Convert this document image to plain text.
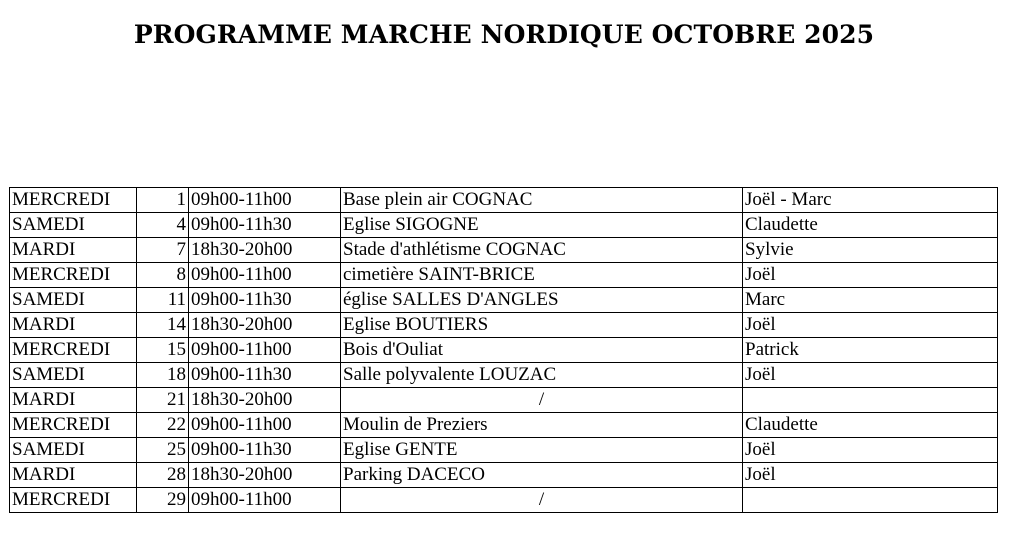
PROGRAMME MARCHE NORDIQUE OCTOBRE 2025
MERCREDI	1	09h00-11h00	Base plein air COGNAC	Joël - Marc
SAMEDI	4	09h00-11h30	Eglise SIGOGNE	Claudette
MARDI	7	18h30-20h00	Stade d'athlétisme COGNAC	Sylvie
MERCREDI	8	09h00-11h00	cimetière SAINT-BRICE	Joël
SAMEDI	11	09h00-11h30	église SALLES D'ANGLES	Marc
MARDI	14	18h30-20h00	Eglise BOUTIERS	Joël
MERCREDI	15	09h00-11h00	Bois d'Ouliat	Patrick
SAMEDI	18	09h00-11h30	Salle polyvalente LOUZAC	Joël
MARDI	21	18h30-20h00	/	
MERCREDI	22	09h00-11h00	Moulin de Preziers	Claudette
SAMEDI	25	09h00-11h30	Eglise GENTE	Joël
MARDI	28	18h30-20h00	Parking DACECO	Joël
MERCREDI	29	09h00-11h00	/	
